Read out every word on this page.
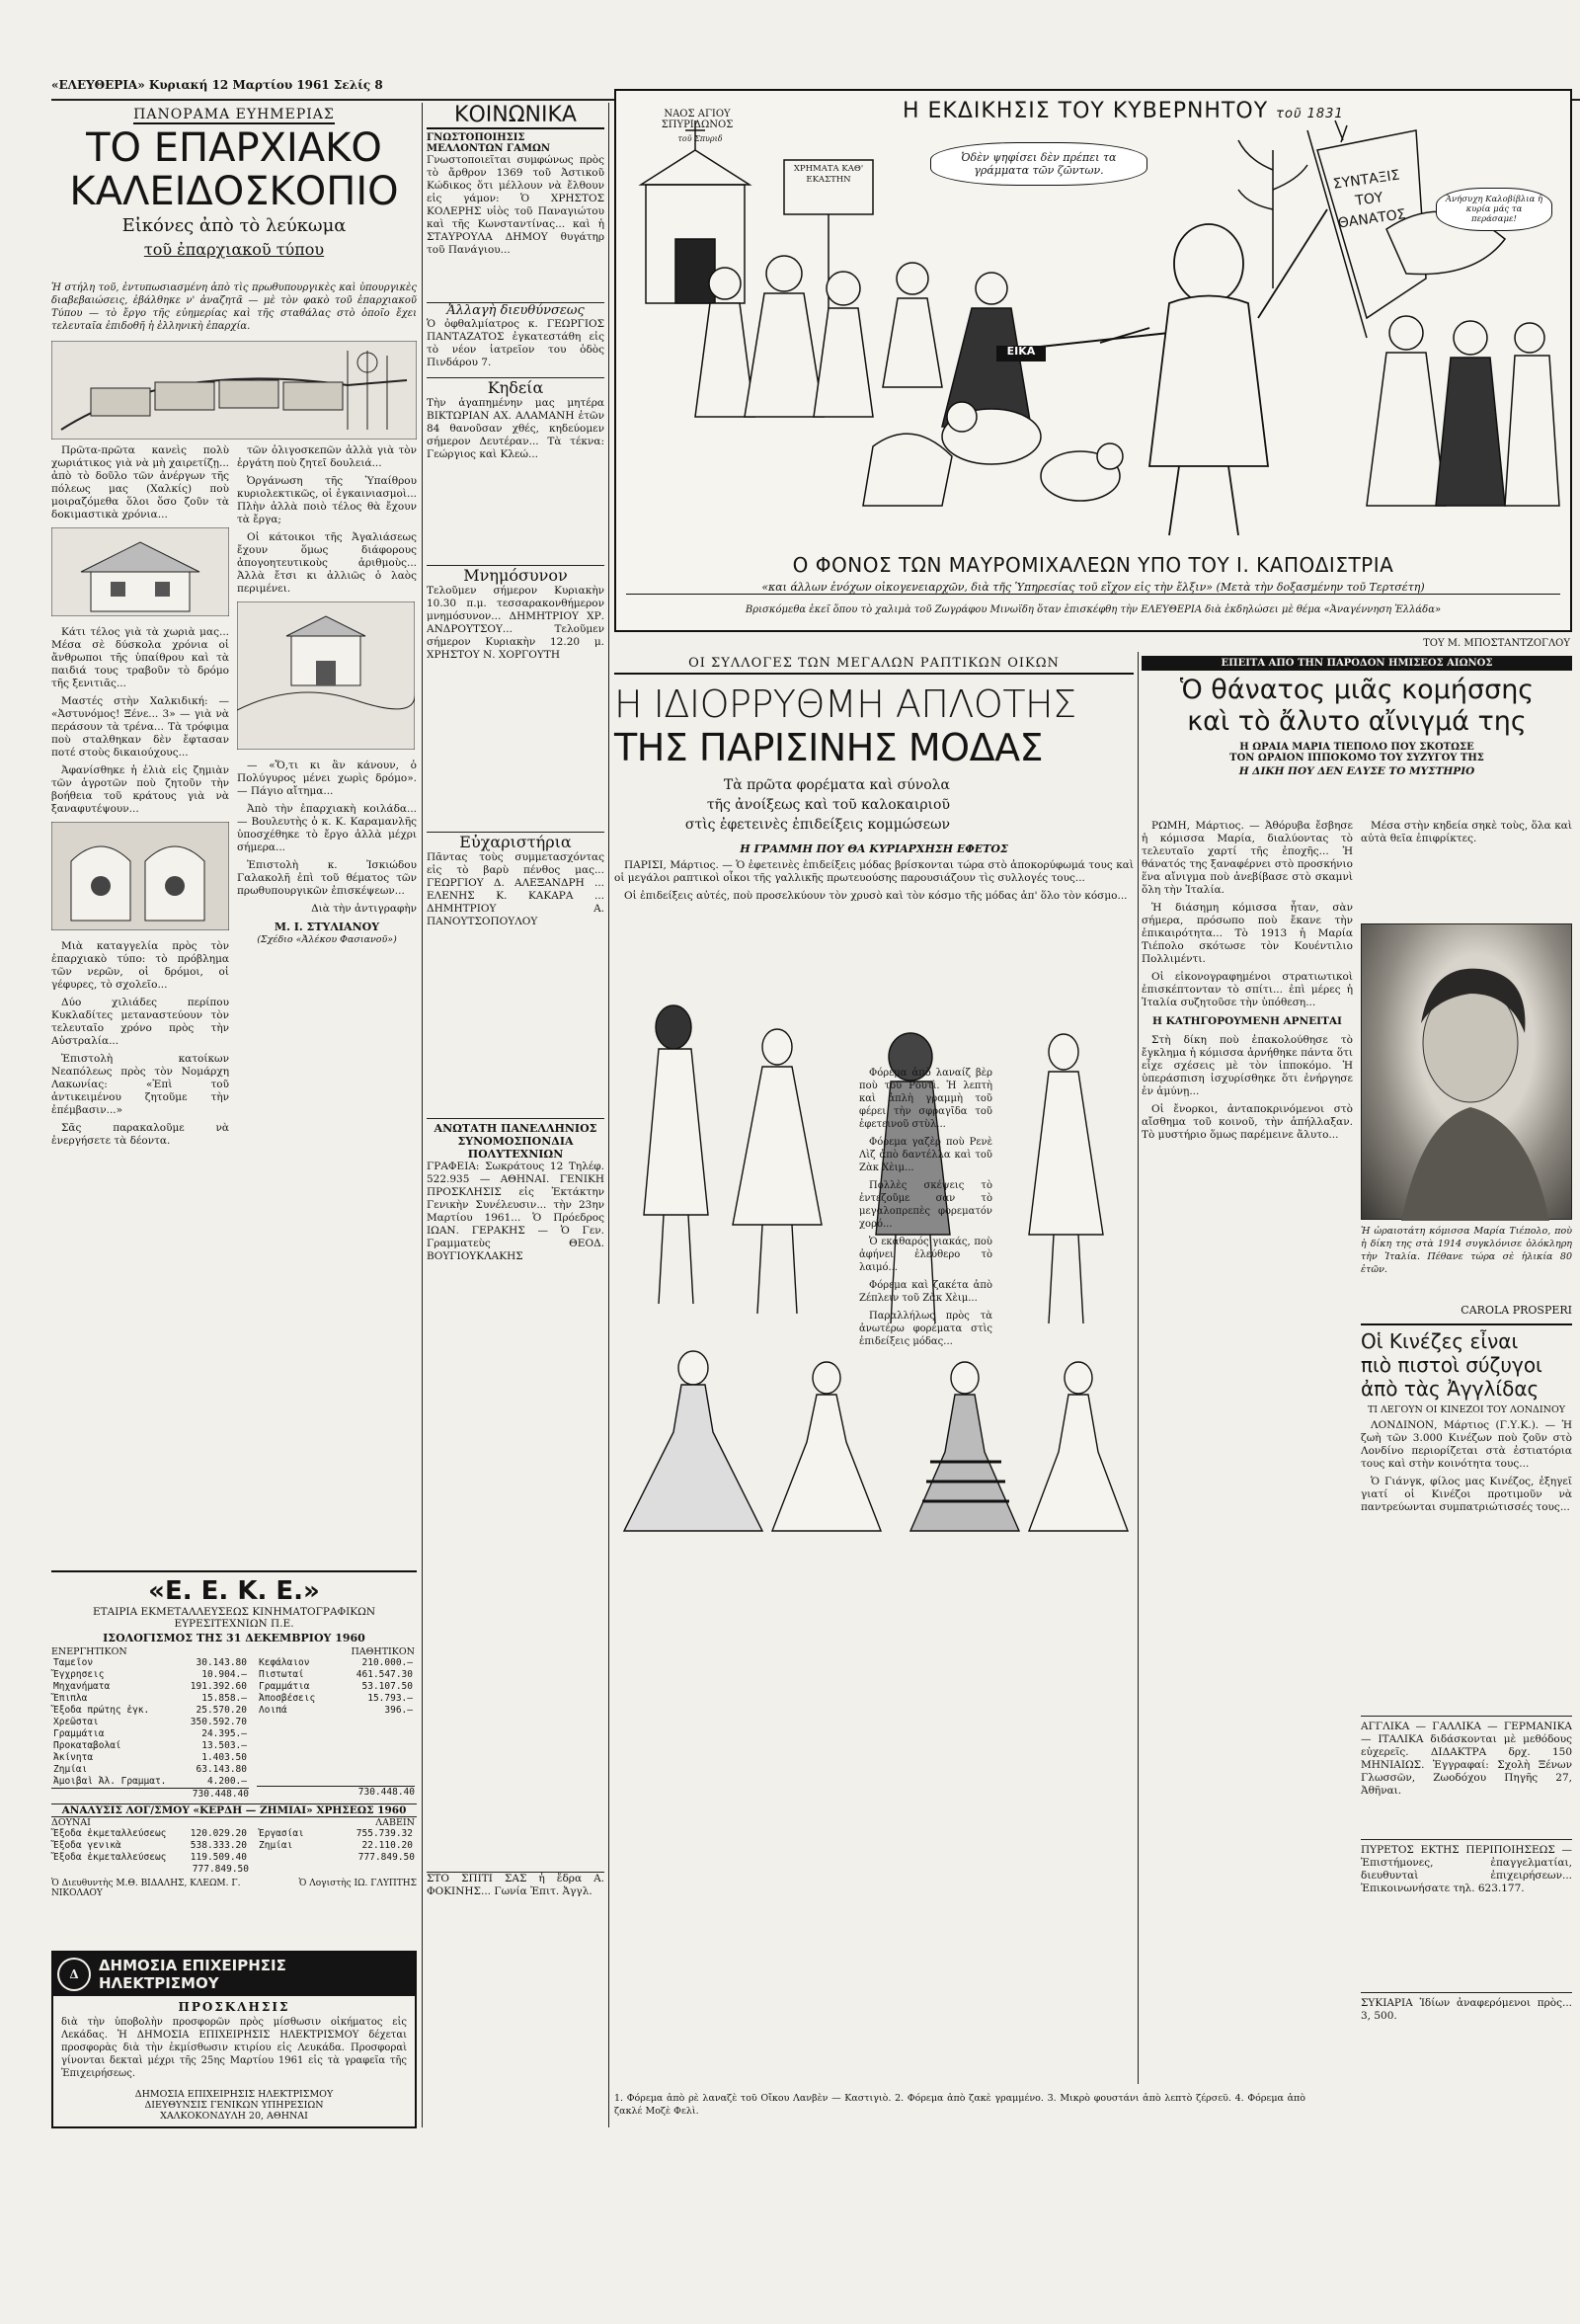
«ΕΛΕΥΘΕΡΙΑ» Κυριακή 12 Μαρτίου 1961 Σελίς 8
ΠΑΝΟΡΑΜΑ ΕΥΗΜΕΡΙΑΣ
ΤΟ ΕΠΑΡΧΙΑΚΟ
ΚΑΛΕΙΔΟΣΚΟΠΙΟ
Εἰκόνες ἀπὸ τὸ λεύκωμα
τοῦ ἐπαρχιακοῦ τύπου
Ἡ στήλη τοῦ, ἐντυπωσιασμένη ἀπὸ τὶς πρωθυπουργικὲς καὶ ὑπουργικὲς διαβεβαιώσεις, ἐβάλθηκε ν' ἀναζητᾶ — μὲ τὸν φακὸ τοῦ ἐπαρχιακοῦ Τύπου — τὸ ἔργο τῆς εὐημερίας καὶ τῆς σταθάλας στὸ ὁποῖο ἔχει τελευταῖα ἐπιδοθῆ ἡ ἑλληνικὴ ἐπαρχία.

Πρῶτα-πρῶτα κανεὶς πολὺ χωριάτικος γιὰ νὰ μὴ χαιρετίζῃ... ἀπὸ τὸ δοῦλο τῶν ἀνέργων τῆς πόλεως μας (Χαλκίς) ποὺ μοιραζόμεθα ὅλοι ὅσο ζοῦν τὰ δοκιμαστικὰ χρόνια...

Κάτι τέλος γιὰ τὰ χωριὰ μας... Μέσα σὲ δύσκολα χρόνια οἱ ἄνθρωποι τῆς ὑπαίθρου καὶ τὰ παιδιά τους τραβοῦν τὸ δρόμο τῆς ξενιτιᾶς...

Μαστές στὴν Χαλκιδική: — «Ἀστυνόμος! Ξένε... 3» — γιὰ νὰ περάσουν τὰ τρένα... Τὰ τρόφιμα ποὺ σταλθηκαν δὲν ἔφτασαν ποτέ στοὺς δικαιούχους...

Ἀφανίσθηκε ἡ ἐλιὰ εἰς ζημιὰν τῶν ἀγροτῶν ποὺ ζητοῦν τὴν βοήθεια τοῦ κράτους γιὰ νὰ ξαναφυτέψουν...

Μιὰ καταγγελία πρὸς τὸν ἐπαρχιακὸ τύπο: τὸ πρόβλημα τῶν νερῶν, οἱ δρόμοι, οἱ γέφυρες, τὸ σχολεῖο...

Δύο χιλιάδες περίπου Κυκλαδίτες μεταναστεύουν τὸν τελευταῖο χρόνο πρὸς τὴν Αὐστραλία...

Ἐπιστολὴ κατοίκων Νεαπόλεως πρὸς τὸν Νομάρχη Λακωνίας: «Ἐπὶ τοῦ ἀντικειμένου ζητοῦμε τὴν ἐπέμβασιν...»

Σᾶς παρακαλοῦμε νὰ ἐνεργήσετε τὰ δέοντα.

τῶν ὀλιγοσκεπῶν ἀλλὰ γιὰ τὸν ἐργάτη ποὺ ζητεῖ δουλειά...

Ὀργάνωση τῆς Ὑπαίθρου κυριολεκτικῶς, οἱ ἐγκαινιασμοὶ... Πλὴν ἀλλὰ ποιὸ τέλος θὰ ἔχουν τὰ ἔργα;

Οἱ κάτοικοι τῆς Ἀγαλιάσεως ἔχουν ὅμως διάφορους ἀπογοητευτικοὺς ἀριθμοὺς... Ἀλλὰ ἔτσι κι ἀλλιῶς ὁ λαὸς περιμένει.

— «Ὅ,τι κι ἂν κάνουν, ὁ Πολύγυρος μένει χωρὶς δρόμο». — Πάγιο αἴτημα...

Ἀπὸ τὴν ἐπαρχιακὴ κοιλάδα... — Βουλευτὴς ὁ κ. Κ. Καραμανλῆς ὑποσχέθηκε τὸ ἔργο ἀλλὰ μέχρι σήμερα...

Ἐπιστολὴ κ. Ἰσκιώδου Γαλακολῆ ἐπὶ τοῦ θέματος τῶν πρωθυπουργικῶν ἐπισκέψεων...

Διὰ τὴν ἀντιγραφὴν

Μ. Ι. ΣΤΥΛΙΑΝΟΥ
(Σχέδιο «Ἀλέκου Φασιανοῦ»)
«Ε. Ε. Κ. Ε.»
ΕΤΑΙΡΙΑ ΕΚΜΕΤΑΛΛΕΥΣΕΩΣ ΚΙΝΗΜΑΤΟΓΡΑΦΙΚΩΝ ΕΥΡΕΣΙΤΕΧΝΙΩΝ Π.Ε.
ΙΣΟΛΟΓΙΣΜΟΣ ΤΗΣ 31 ΔΕΚΕΜΒΡΙΟΥ 1960
ΕΝΕΡΓΗΤΙΚΟΝ
Ταμεῖον	30.143.80
Ἔγχρησεις	10.904.—
Μηχανήματα	191.392.60
Ἔπιπλα	15.858.—
Ἔξοδα πρώτης ἐγκ.	25.570.20
Χρεῶσται	350.592.70
Γραμμάτια	24.395.—
Προκαταβολαί	13.503.—
Ἀκίνητα	1.403.50
Ζημίαι	63.143.80
Ἀμοιβαὶ Ἀλ. Γραμματ.	4.200.—
730.448.40
ΠΑΘΗΤΙΚΟΝ
Κεφάλαιον	210.000.—
Πιστωταί	461.547.30
Γραμμάτια	53.107.50
Ἀποσβέσεις	15.793.—
Λοιπά	396.—
730.448.40
ΑΝΑΛΥΣΙΣ ΛΟΓ/ΣΜΟΥ «ΚΕΡΔΗ — ΖΗΜΙΑΙ» ΧΡΗΣΕΩΣ 1960
ΔΟΥΝΑΙ
Ἔξοδα ἐκμεταλλεύσεως	120.029.20
Ἔξοδα γενικὰ	538.333.20
Ἔξοδα ἐκμεταλλεύσεως	119.509.40
777.849.50
ΛΑΒΕΙΝ
Ἐργασίαι	755.739.32
Ζημίαι	22.110.20
777.849.50
Ὁ Διευθυντὴς Μ.Θ. ΒΙΔΑΛΗΣ, ΚΛΕΩΜ. Γ. ΝΙΚΟΛΑΟΥ
Ὁ Λογιστὴς ΙΩ. ΓΛΥΠΤΗΣ
Δ	ΔΗΜΟΣΙΑ ΕΠΙΧΕΙΡΗΣΙΣ ΗΛΕΚΤΡΙΣΜΟΥ
ΠΡΟΣΚΛΗΣΙΣ
διὰ τὴν ὑποβολὴν προσφορῶν πρὸς μίσθωσιν οἰκήματος εἰς Λεκάδας. Ἡ ΔΗΜΟΣΙΑ ΕΠΙΧΕΙΡΗΣΙΣ ΗΛΕΚΤΡΙΣΜΟΥ δέχεται προσφορὰς διὰ τὴν ἐκμίσθωσιν κτιρίου εἰς Λευκάδα. Προσφοραὶ γίνονται δεκταὶ μέχρι τῆς 25ης Μαρτίου 1961 εἰς τὰ γραφεῖα τῆς Ἐπιχειρήσεως.
ΔΗΜΟΣΙΑ ΕΠΙΧΕΙΡΗΣΙΣ ΗΛΕΚΤΡΙΣΜΟΥ
ΔΙΕΥΘΥΝΣΙΣ ΓΕΝΙΚΩΝ ΥΠΗΡΕΣΙΩΝ
ΧΑΛΚΟΚΟΝΔΥΛΗ 20, ΑΘΗΝΑΙ
ΚΟΙΝΩΝΙΚΑ
ΓΝΩΣΤΟΠΟΙΗΣΙΣ ΜΕΛΛΟΝΤΩΝ ΓΑΜΩΝ
Γνωστοποιεῖται συμφώνως πρὸς τὸ ἄρθρον 1369 τοῦ Ἀστικοῦ Κώδικος ὅτι μέλλουν νὰ ἔλθουν εἰς γάμον: Ὁ ΧΡΗΣΤΟΣ ΚΟΛΕΡΗΣ υἱὸς τοῦ Παναγιώτου καὶ τῆς Κωνσταντίνας... καὶ ἡ ΣΤΑΥΡΟΥΛΑ ΔΗΜΟΥ θυγάτηρ τοῦ Πανάγιου...
Ἀλλαγὴ διευθύνσεως
Ὁ ὀφθαλμίατρος κ. ΓΕΩΡΓΙΟΣ ΠΑΝΤΑΖΑΤΟΣ ἐγκατεστάθη εἰς τὸ νέον ἰατρεῖον του ὁδὸς Πινδάρου 7.
Κηδεία
Τὴν ἀγαπημένην μας μητέρα ΒΙΚΤΩΡΙΑΝ ΑΧ. ΑΛΑΜΑΝΗ ἐτῶν 84 θανοῦσαν χθές, κηδεύομεν σήμερον Δευτέραν... Τὰ τέκνα: Γεώργιος καὶ Κλεώ...
Μνημόσυνον
Τελοῦμεν σήμερον Κυριακὴν 10.30 π.μ. τεσσαρακονθήμερον μνημόσυνον... ΔΗΜΗΤΡΙΟΥ ΧΡ. ΑΝΔΡΟΥΤΣΟΥ... Τελοῦμεν σήμερον Κυριακὴν 12.20 μ. ΧΡΗΣΤΟΥ Ν. ΧΟΡΓΟΥΤΗ
Εὐχαριστήρια
Πᾶντας τοὺς συμμετασχόντας εἰς τὸ βαρὺ πένθος μας... ΓΕΩΡΓΙΟΥ Δ. ΑΛΕΞΑΝΔΡΗ ... ΕΛΕΝΗΣ Κ. ΚΑΚΑΡΑ ... ΔΗΜΗΤΡΙΟΥ Α. ΠΑΝΟΥΤΣΟΠΟΥΛΟΥ
ΑΝΩΤΑΤΗ ΠΑΝΕΛΛΗΝΙΟΣ ΣΥΝΟΜΟΣΠΟΝΔΙΑ ΠΟΛΥΤΕΧΝΙΩΝ
ΓΡΑΦΕΙΑ: Σωκράτους 12 Τηλέφ. 522.935 — ΑΘΗΝΑΙ. ΓΕΝΙΚΗ ΠΡΟΣΚΛΗΣΙΣ εἰς Ἐκτάκτην Γενικὴν Συνέλευσιν... τὴν 23ην Μαρτίου 1961... Ὁ Πρόεδρος ΙΩΑΝ. ΓΕΡΑΚΗΣ — Ὁ Γεν. Γραμματεὺς ΘΕΟΔ. ΒΟΥΓΙΟΥΚΛΑΚΗΣ
ΣΤΟ ΣΠΙΤΙ ΣΑΣ ἡ ἔδρα Α. ΦΟΚΙΝΗΣ... Γωνία Ἐπιτ. Ἀγγλ.
Η ΕΚΔΙΚΗΣΙΣ ΤΟΥ ΚΥΒΕΡΝΗΤΟΥ τοῦ 1831
ΝΑΟΣ ΑΓΙΟΥ ΣΠΥΡΙΔΩΝΟΣ
τοῦ Σπυριδ
ΧΡΗΜΑΤΑ ΚΑΘ' ΕΚΑΣΤΗΝ
Ὀδὲν ψηφίσει δὲν πρέπει τα γράμματα τῶν ζῶντων.
Ἀνήσυχη Καλοβίβλια ἡ κυρία μάς τα περάσαμε!
ΣΥΝΤΑΞΙΣ ΤΟΥ ΘΑΝΑΤΟΣ
ΕΙΚΑ
Ο ΦΟΝΟΣ ΤΩΝ ΜΑΥΡΟΜΙΧΑΛΕΩΝ ΥΠΟ ΤΟΥ Ι. ΚΑΠΟΔΙΣΤΡΙΑ
«και άλλων ἐνόχων οἰκογενειαρχῶν, διὰ τῆς Ὑπηρεσίας τοῦ εἴχον εἰς τὴν ἔλξιν» (Μετὰ τὴν δοξασμένην τοῦ Τερτσέτη)
Βρισκόμεθα ἐκεῖ ὅπου τὸ χαλιμὰ τοῦ Ζωγράφου Μινωϊδη ὅταν ἐπισκέφθη τὴν ΕΛΕΥΘΕΡΙΑ διὰ ἐκδηλώσει μὲ θέμα «Ἀναγέννηση Ἑλλάδα»
ΤΟΥ Μ. ΜΠΟΣΤΑΝΤΖΟΓΛΟΥ
ΟΙ ΣΥΛΛΟΓΕΣ ΤΩΝ ΜΕΓΑΛΩΝ ΡΑΠΤΙΚΩΝ ΟΙΚΩΝ
Η ΙΔΙΟΡΡΥΘΜΗ ΑΠΛΟΤΗΣ
ΤΗΣ ΠΑΡΙΣΙΝΗΣ ΜΟΔΑΣ
Τὰ πρῶτα φορέματα καὶ σύνολα
τῆς ἀνοίξεως καὶ τοῦ καλοκαιριοῦ
στὶς ἐφετεινὲς ἐπιδείξεις κομμώσεων
Η ΓΡΑΜΜΗ ΠΟΥ ΘΑ ΚΥΡΙΑΡΧΗΣΗ ΕΦΕΤΟΣ

ΠΑΡΙΣΙ, Μάρτιος. — Ὁ ἐφετεινὲς ἐπιδείξεις μόδας βρίσκονται τώρα στὸ ἀποκορύφωμά τους καὶ οἱ μεγάλοι ραπτικοὶ οἶκοι τῆς γαλλικῆς πρωτευούσης παρουσιάζουν τὶς συλλογές τους...

Οἱ ἐπιδείξεις αὐτές, ποὺ προσελκύουν τὸν χρυσὸ καὶ τὸν κόσμο τῆς μόδας ἀπ' ὅλο τὸν κόσμο...

Φόρεμα ἀπὸ λαναίζ βὲρ ποὺ τοῦ Ρουτὶ. Ἡ λεπτὴ καὶ ἀπλὴ γραμμὴ τοῦ φέρει τὴν σφραγῖδα τοῦ ἐφετεινοῦ στὺλ...

Φόρεμα γαζὲρ ποὺ Ρενὲ Λὶζ ἀπὸ δαντέλλα καὶ τοῦ Ζὰκ Χὲιμ...

Πολλὲς σκέψεις τὸ ἐντεζοῦμε σὰν τὸ μεγαλοπρεπὲς φορεματόν χορό...

Ὁ εκαθαρός γιακάς, ποὺ ἀφήνει ἐλεύθερο τὸ λαιμό...

Φόρεμα καὶ ζακέτα ἀπὸ Ζέπλειν τοῦ Ζὰκ Χὲιμ...

Παραλλήλως πρὸς τὰ ἀνωτέρω φορέματα στὶς ἐπιδείξεις μόδας...

1. Φόρεμα ἀπὸ ρὲ λαναζὲ τοῦ Οἴκου Λανβὲν — Καστιγιὸ. 2. Φόρεμα ἀπὸ ζακὲ γραμμένο. 3. Μικρὸ φουστάνι ἀπὸ λεπτὸ ζέρσεϋ. 4. Φόρεμα ἀπὸ ζακλέ Μοζὲ Φελὶ.
ΕΠΕΙΤΑ ΑΠΟ ΤΗΝ ΠΑΡΟΔΟΝ ΗΜΙΣΕΟΣ ΑΙΩΝΟΣ
Ὁ θάνατος μιᾶς κομήσσης
καὶ τὸ ἄλυτο αἴνιγμά της
Η ΩΡΑΙΑ ΜΑΡΙΑ ΤΙΕΠΟΛΟ ΠΟΥ ΣΚΟΤΩΣΕ
ΤΟΝ ΩΡΑΙΟΝ ΙΠΠΟΚΟΜΟ ΤΟΥ ΣΥΖΥΓΟΥ ΤΗΣ
Η ΔΙΚΗ ΠΟΥ ΔΕΝ ΕΛΥΣΕ ΤΟ ΜΥΣΤΗΡΙΟ

ΡΩΜΗ, Μάρτιος. — Ἀθόρυβα ἔσβησε ἡ κόμισσα Μαρία, διαλύοντας τὸ τελευταῖο χαρτί τῆς ἐποχῆς... Ἡ θάνατός της ξαναφέρνει στὸ προσκήνιο ἕνα αἴνιγμα ποὺ ἀνεβίβασε στὸ σκαμνὶ ὅλη τὴν Ἰταλία.

Ἡ διάσημη κόμισσα ἦταν, σὰν σήμερα, πρόσωπο ποὺ ἔκανε τὴν ἐπικαιρότητα... Τὸ 1913 ἡ Μαρία Τιέπολο σκότωσε τὸν Κουέντιλιο Πολλιμέντι.

Οἱ εἰκονογραφημένοι στρατιωτικοὶ ἐπισκέπτονταν τὸ σπίτι... ἐπὶ μέρες ἡ Ἰταλία συζητοῦσε τὴν ὑπόθεση...

Η ΚΑΤΗΓΟΡΟΥΜΕΝΗ ΑΡΝΕΙΤΑΙ

Στὴ δίκη ποὺ ἐπακολούθησε τὸ ἔγκλημα ἡ κόμισσα ἀρνήθηκε πάντα ὅτι εἶχε σχέσεις μὲ τὸν ἱπποκόμο. Ἡ ὑπεράσπιση ἰσχυρίσθηκε ὅτι ἐνήργησε ἐν ἀμύνῃ...

Οἱ ἔνορκοι, ἀνταποκρινόμενοι στὸ αἴσθημα τοῦ κοινοῦ, τὴν ἀπήλλαξαν. Τὸ μυστήριο ὅμως παρέμεινε ἄλυτο...

Μέσα στὴν κηδεία σηκὲ τοὺς, ὅλα καὶ αὐτὰ θεῖα ἐπιφρίκτες.

Ἡ ὡραιοτάτη κόμισσα Μαρία Τιέπολο, ποὺ ἡ δίκη της στὰ 1914 συγκλόνισε ὁλόκληρη τὴν Ἰταλία. Πέθανε τώρα σὲ ἡλικία 80 ἐτῶν.
CAROLA PROSPERI
Οἱ Κινέζες εἶναι
πιὸ πιστοὶ σύζυγοι
ἀπὸ τὰς Ἀγγλίδας
ΤΙ ΛΕΓΟΥΝ ΟΙ ΚΙΝΕΖΟΙ ΤΟΥ ΛΟΝΔΙΝΟΥ

ΛΟΝΔΙΝΟΝ, Μάρτιος (Γ.Υ.Κ.). — Ἡ ζωὴ τῶν 3.000 Κινέζων ποὺ ζοῦν στὸ Λονδίνο περιορίζεται στὰ ἐστιατόρια τους καὶ στὴν κοινότητα τους...

Ὁ Γιάνγκ, φίλος μας Κινέζος, ἐξηγεῖ γιατί οἱ Κινέζοι προτιμοῦν νὰ παντρεύωνται συμπατριώτισσές τους...

ΑΓΓΛΙΚΑ — ΓΑΛΛΙΚΑ — ΓΕΡΜΑΝΙΚΑ — ΙΤΑΛΙΚΑ διδάσκονται μὲ μεθόδους εὐχερεῖς. ΔΙΔΑΚΤΡΑ δρχ. 150 ΜΗΝΙΑΙΩΣ. Ἐγγραφαί: Σχολὴ Ξένων Γλωσσῶν, Ζωοδόχου Πηγῆς 27, Ἀθῆναι.
ΠΥΡΕΤΟΣ ΕΚΤΗΣ ΠΕΡΙΠΟΙΗΣΕΩΣ — Ἐπιστήμονες, ἐπαγγελματίαι, διευθυνταὶ ἐπιχειρήσεων... Ἐπικοινωνήσατε τηλ. 623.177.
ΣΥΚΙΑΡΙΑ Ἰδίων ἀναφερόμενοι πρὸς... 3, 500.
